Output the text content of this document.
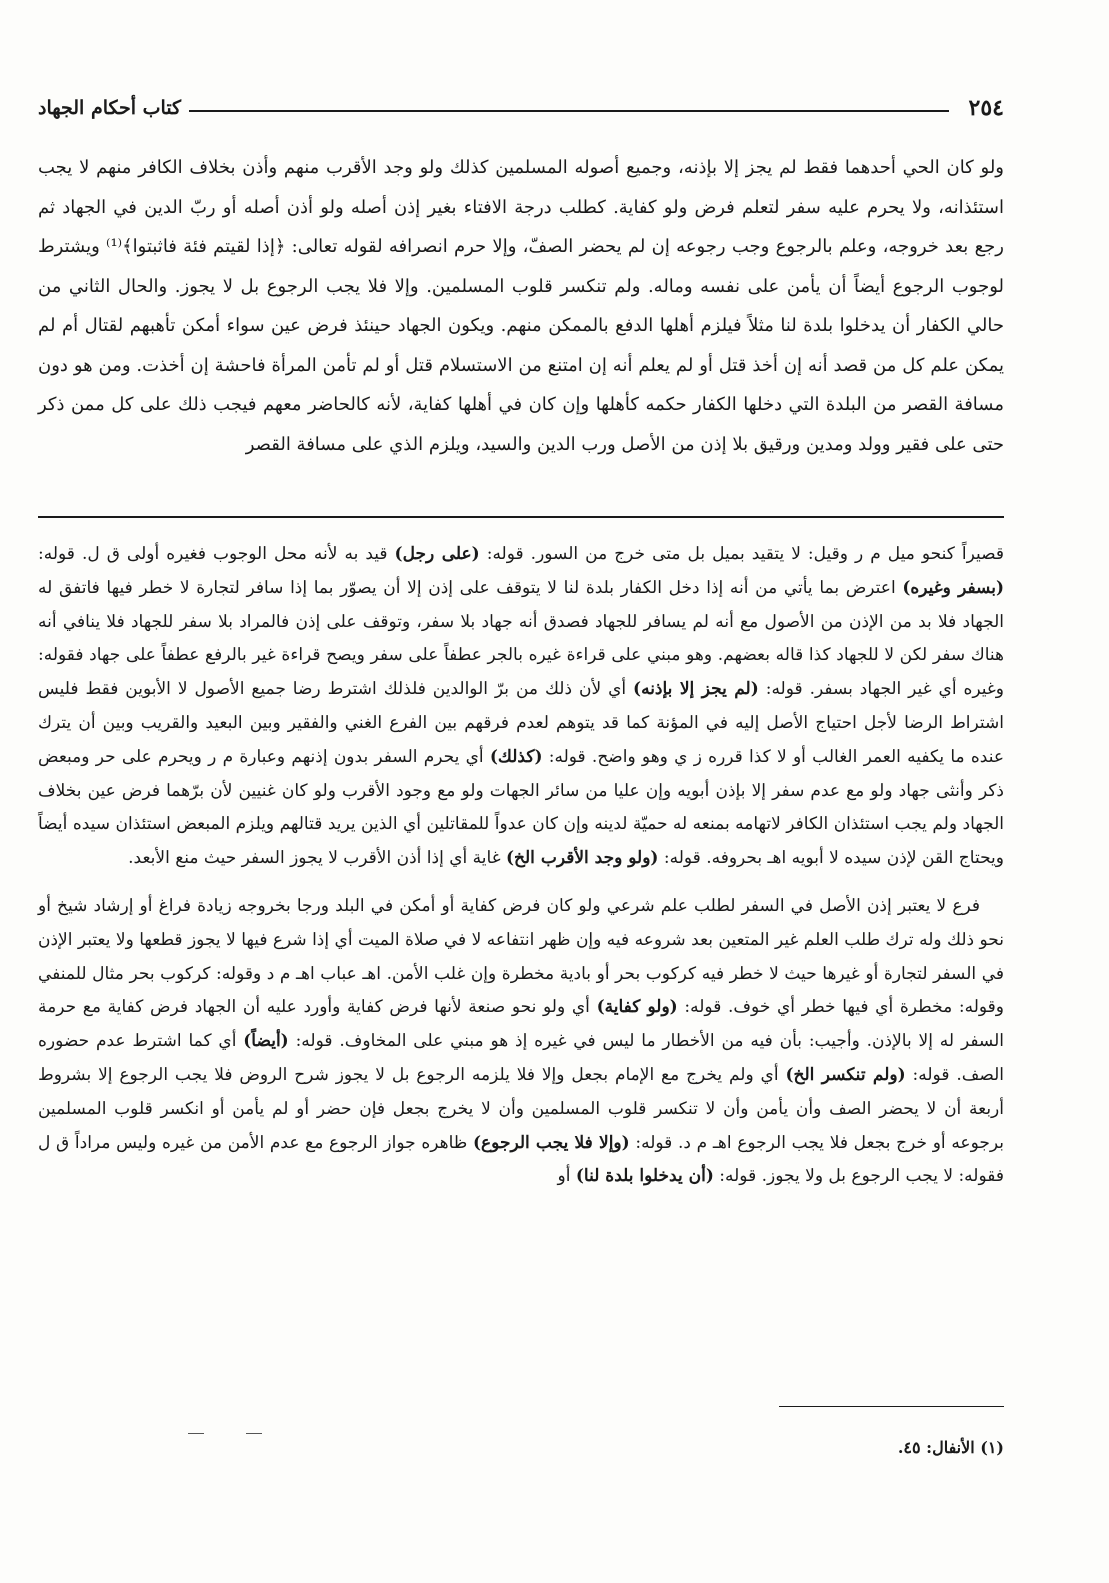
٢٥٤
كتاب أحكام الجهاد

ولو كان الحي أحدهما فقط لم يجز إلا بإذنه، وجميع أصوله المسلمين كذلك ولو وجد الأقرب منهم وأذن بخلاف الكافر منهم لا يجب استئذانه، ولا يحرم عليه سفر لتعلم فرض ولو كفاية. كطلب درجة الافتاء بغير إذن أصله ولو أذن أصله أو ربّ الدين في الجهاد ثم رجع بعد خروجه، وعلم بالرجوع وجب رجوعه إن لم يحضر الصفّ، وإلا حرم انصرافه لقوله تعالى: ﴿إذا لقيتم فئة فاثبتوا﴾⁽¹⁾ ويشترط لوجوب الرجوع أيضاً أن يأمن على نفسه وماله. ولم تنكسر قلوب المسلمين. وإلا فلا يجب الرجوع بل لا يجوز. والحال الثاني من حالي الكفار أن يدخلوا بلدة لنا مثلاً فيلزم أهلها الدفع بالممكن منهم. ويكون الجهاد حينئذ فرض عين سواء أمكن تأهبهم لقتال أم لم يمكن علم كل من قصد أنه إن أخذ قتل أو لم يعلم أنه إن امتنع من الاستسلام قتل أو لم تأمن المرأة فاحشة إن أخذت. ومن هو دون مسافة القصر من البلدة التي دخلها الكفار حكمه كأهلها وإن كان في أهلها كفاية، لأنه كالحاضر معهم فيجب ذلك على كل ممن ذكر حتى على فقير وولد ومدين ورقيق بلا إذن من الأصل ورب الدين والسيد، ويلزم الذي على مسافة القصر

قصيراً كنحو ميل م ر وقيل: لا يتقيد بميل بل متى خرج من السور. قوله: (على رجل) قيد به لأنه محل الوجوب فغيره أولى ق ل. قوله: (بسفر وغيره) اعترض بما يأتي من أنه إذا دخل الكفار بلدة لنا لا يتوقف على إذن إلا أن يصوّر بما إذا سافر لتجارة لا خطر فيها فاتفق له الجهاد فلا بد من الإذن من الأصول مع أنه لم يسافر للجهاد فصدق أنه جهاد بلا سفر، وتوقف على إذن فالمراد بلا سفر للجهاد فلا ينافي أنه هناك سفر لكن لا للجهاد كذا قاله بعضهم. وهو مبني على قراءة غيره بالجر عطفاً على سفر ويصح قراءة غير بالرفع عطفاً على جهاد فقوله: وغيره أي غير الجهاد بسفر. قوله: (لم يجز إلا بإذنه) أي لأن ذلك من برّ الوالدين فلذلك اشترط رضا جميع الأصول لا الأبوين فقط فليس اشتراط الرضا لأجل احتياج الأصل إليه في المؤنة كما قد يتوهم لعدم فرقهم بين الفرع الغني والفقير وبين البعيد والقريب وبين أن يترك عنده ما يكفيه العمر الغالب أو لا كذا قرره ز ي وهو واضح. قوله: (كذلك) أي يحرم السفر بدون إذنهم وعبارة م ر ويحرم على حر ومبعض ذكر وأنثى جهاد ولو مع عدم سفر إلا بإذن أبويه وإن عليا من سائر الجهات ولو مع وجود الأقرب ولو كان غنيين لأن برّهما فرض عين بخلاف الجهاد ولم يجب استئذان الكافر لاتهامه بمنعه له حميّة لدينه وإن كان عدواً للمقاتلين أي الذين يريد قتالهم ويلزم المبعض استئذان سيده أيضاً ويحتاج القن لإذن سيده لا أبويه اهـ بحروفه. قوله: (ولو وجد الأقرب الخ) غاية أي إذا أذن الأقرب لا يجوز السفر حيث منع الأبعد.

فرع لا يعتبر إذن الأصل في السفر لطلب علم شرعي ولو كان فرض كفاية أو أمكن في البلد ورجا بخروجه زيادة فراغ أو إرشاد شيخ أو نحو ذلك وله ترك طلب العلم غير المتعين بعد شروعه فيه وإن ظهر انتفاعه لا في صلاة الميت أي إذا شرع فيها لا يجوز قطعها ولا يعتبر الإذن في السفر لتجارة أو غيرها حيث لا خطر فيه كركوب بحر أو بادية مخطرة وإن غلب الأمن. اهـ عباب اهـ م د وقوله: كركوب بحر مثال للمنفي وقوله: مخطرة أي فيها خطر أي خوف. قوله: (ولو كفاية) أي ولو نحو صنعة لأنها فرض كفاية وأورد عليه أن الجهاد فرض كفاية مع حرمة السفر له إلا بالإذن. وأجيب: بأن فيه من الأخطار ما ليس في غيره إذ هو مبني على المخاوف. قوله: (أيضاً) أي كما اشترط عدم حضوره الصف. قوله: (ولم تنكسر الخ) أي ولم يخرج مع الإمام بجعل وإلا فلا يلزمه الرجوع بل لا يجوز شرح الروض فلا يجب الرجوع إلا بشروط أربعة أن لا يحضر الصف وأن يأمن وأن لا تنكسر قلوب المسلمين وأن لا يخرج بجعل فإن حضر أو لم يأمن أو انكسر قلوب المسلمين برجوعه أو خرج بجعل فلا يجب الرجوع اهـ م د. قوله: (وإلا فلا يجب الرجوع) ظاهره جواز الرجوع مع عدم الأمن من غيره وليس مراداً ق ل فقوله: لا يجب الرجوع بل ولا يجوز. قوله: (أن يدخلوا بلدة لنا) أو

(١) الأنفال: ٤٥.
